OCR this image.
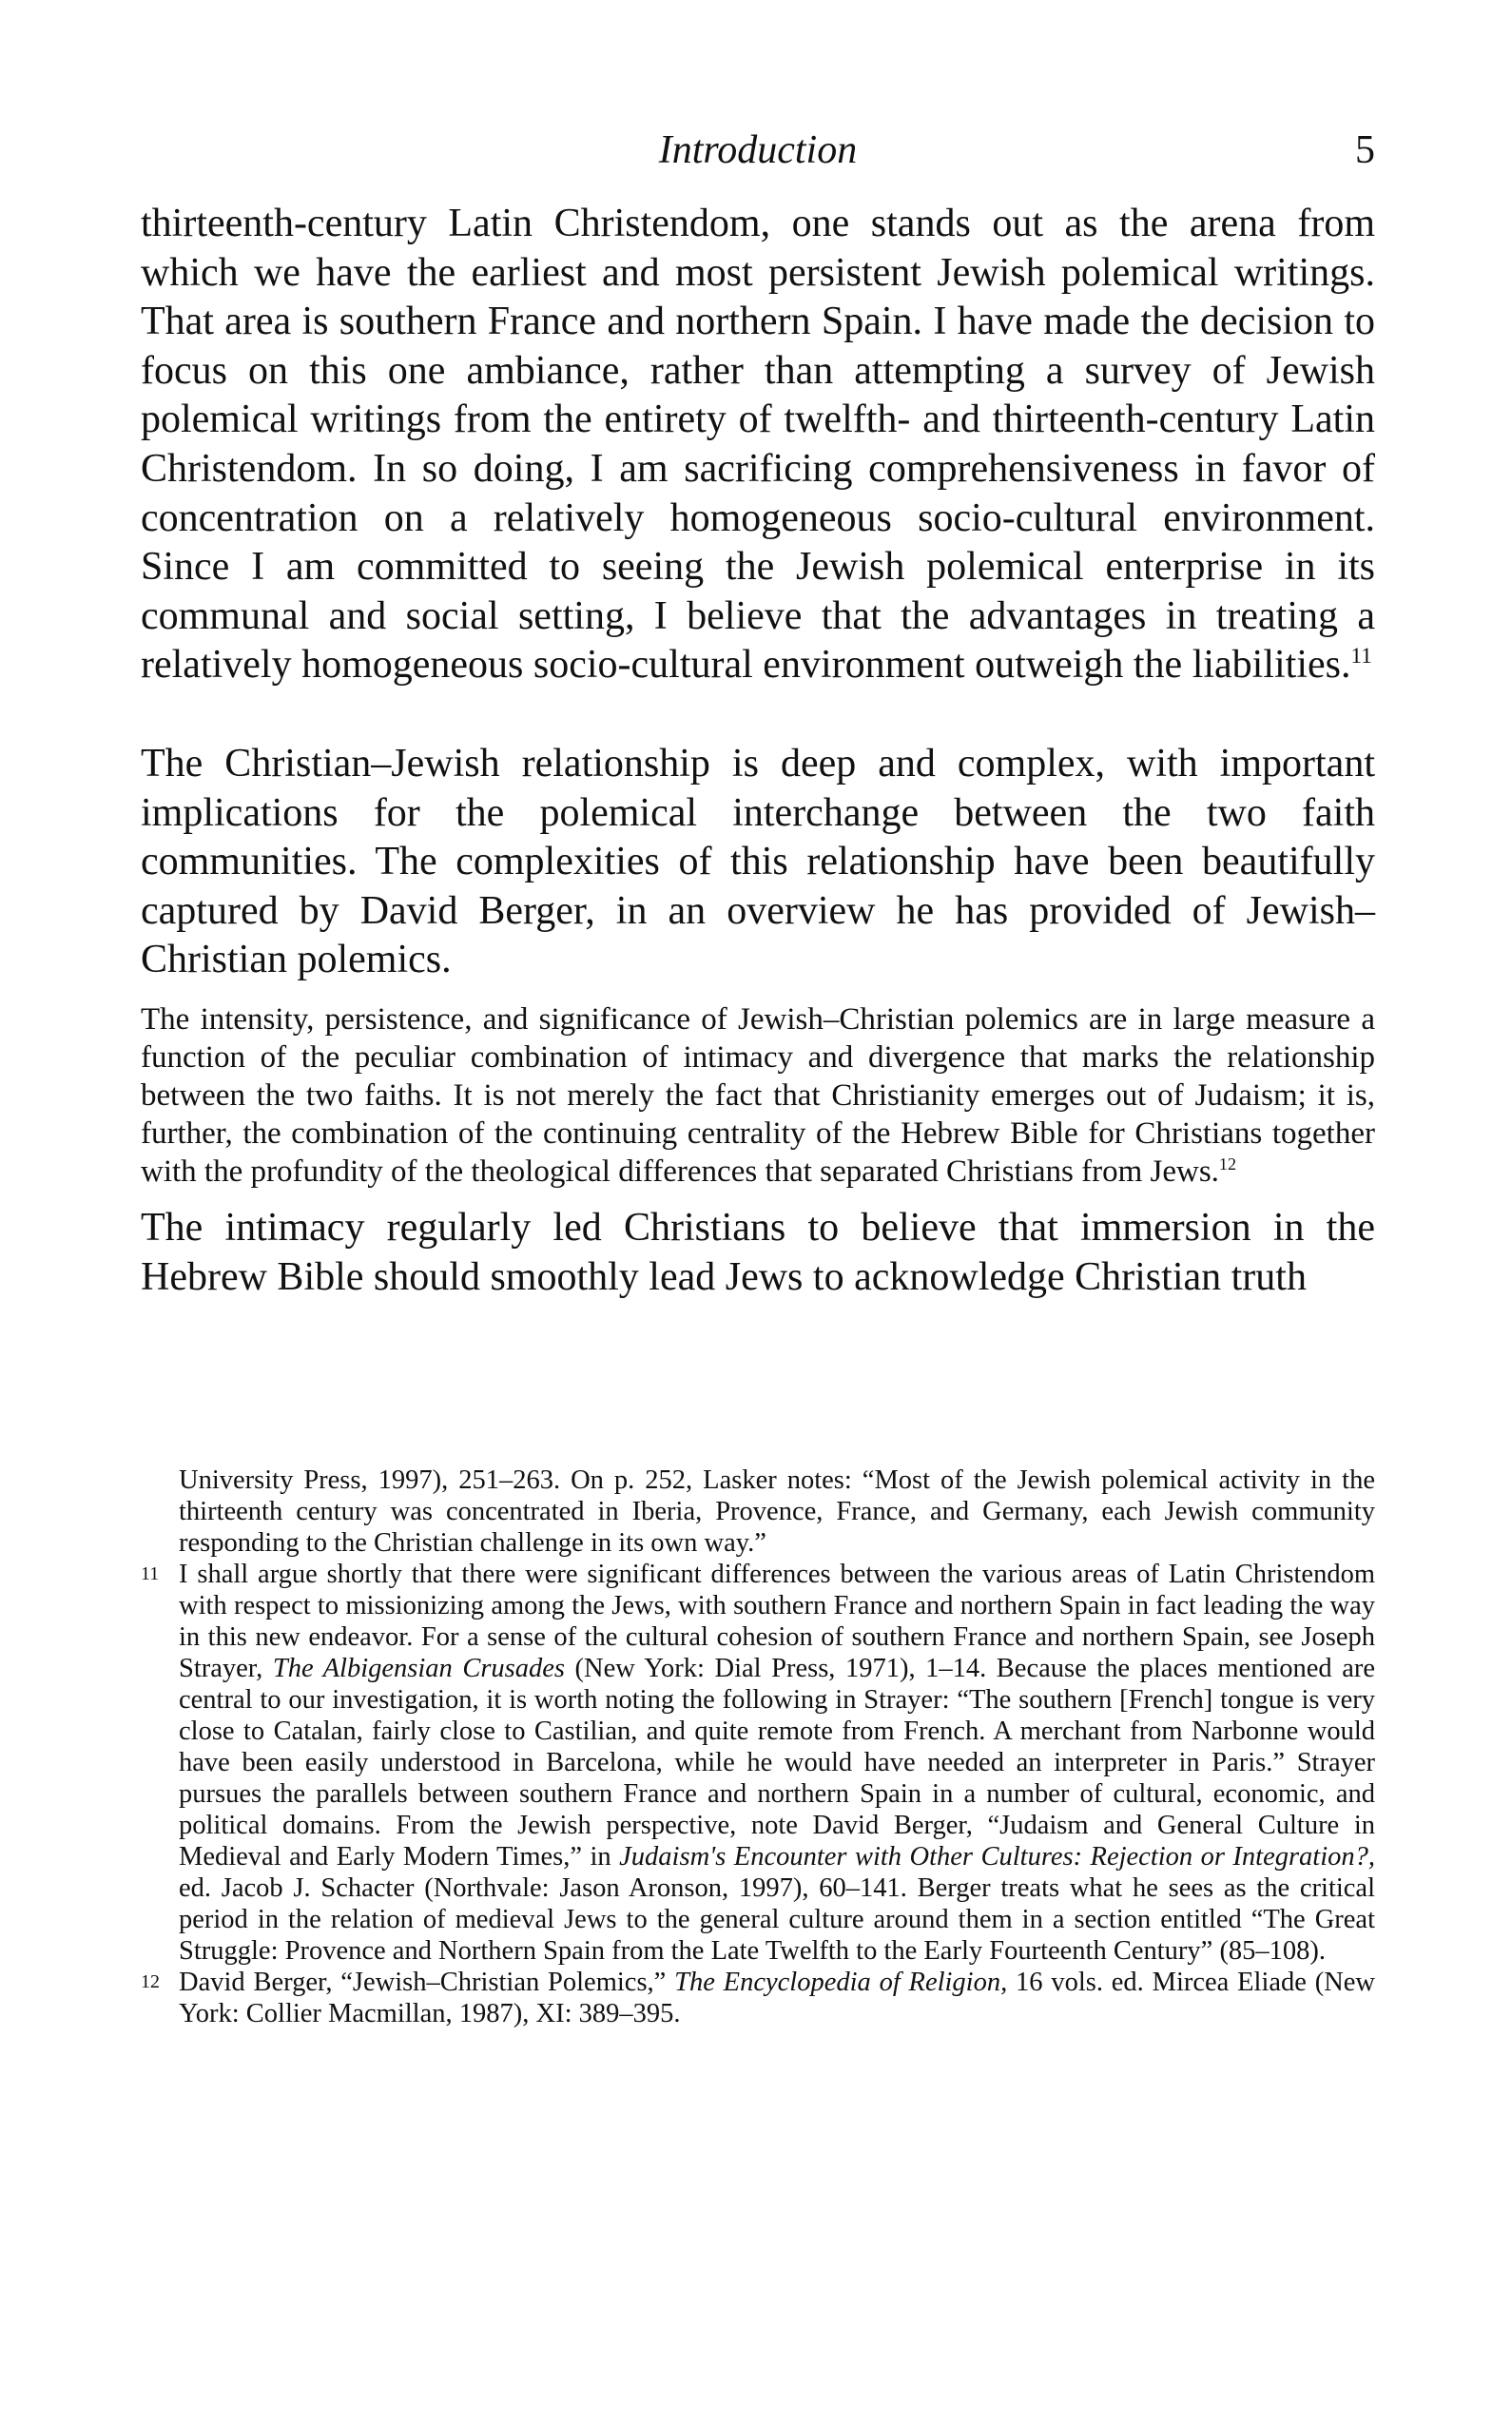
Introduction	5

thirteenth-century Latin Christendom, one stands out as the arena from which we have the earliest and most persistent Jewish polemical writings. That area is southern France and northern Spain. I have made the decision to focus on this one ambiance, rather than attempting a survey of Jewish polemical writings from the entirety of twelfth- and thirteenth-century Latin Christendom. In so doing, I am sacrificing comprehensiveness in favor of concentration on a relatively homogeneous socio-cultural environment. Since I am committed to seeing the Jewish polemical enterprise in its communal and social setting, I believe that the advantages in treating a relatively homogeneous socio-cultural environment outweigh the liabilities.$^{11}$

The Christian–Jewish relationship is deep and complex, with important implications for the polemical interchange between the two faith communities. The complexities of this relationship have been beautifully captured by David Berger, in an overview he has provided of Jewish–Christian polemics.

The intensity, persistence, and significance of Jewish–Christian polemics are in large measure a function of the peculiar combination of intimacy and divergence that marks the relationship between the two faiths. It is not merely the fact that Christianity emerges out of Judaism; it is, further, the combination of the continuing centrality of the Hebrew Bible for Christians together with the profundity of the theological differences that separated Christians from Jews.$^{12}$

The intimacy regularly led Christians to believe that immersion in the Hebrew Bible should smoothly lead Jews to acknowledge Christian truth

University Press, 1997), 251–263. On p. 252, Lasker notes: “Most of the Jewish polemical activity in the thirteenth century was concentrated in Iberia, Provence, France, and Germany, each Jewish community responding to the Christian challenge in its own way.”

11 I shall argue shortly that there were significant differences between the various areas of Latin Christendom with respect to missionizing among the Jews, with southern France and northern Spain in fact leading the way in this new endeavor. For a sense of the cultural cohesion of southern France and northern Spain, see Joseph Strayer, The Albigensian Crusades (New York: Dial Press, 1971), 1–14. Because the places mentioned are central to our investigation, it is worth noting the following in Strayer: “The southern [French] tongue is very close to Catalan, fairly close to Castilian, and quite remote from French. A merchant from Narbonne would have been easily understood in Barcelona, while he would have needed an interpreter in Paris.” Strayer pursues the parallels between southern France and northern Spain in a number of cultural, economic, and political domains. From the Jewish perspective, note David Berger, “Judaism and General Culture in Medieval and Early Modern Times,” in Judaism's Encounter with Other Cultures: Rejection or Integration?, ed. Jacob J. Schacter (Northvale: Jason Aronson, 1997), 60–141. Berger treats what he sees as the critical period in the relation of medieval Jews to the general culture around them in a section entitled “The Great Struggle: Provence and Northern Spain from the Late Twelfth to the Early Fourteenth Century” (85–108).

12 David Berger, “Jewish–Christian Polemics,” The Encyclopedia of Religion, 16 vols. ed. Mircea Eliade (New York: Collier Macmillan, 1987), XI: 389–395.
